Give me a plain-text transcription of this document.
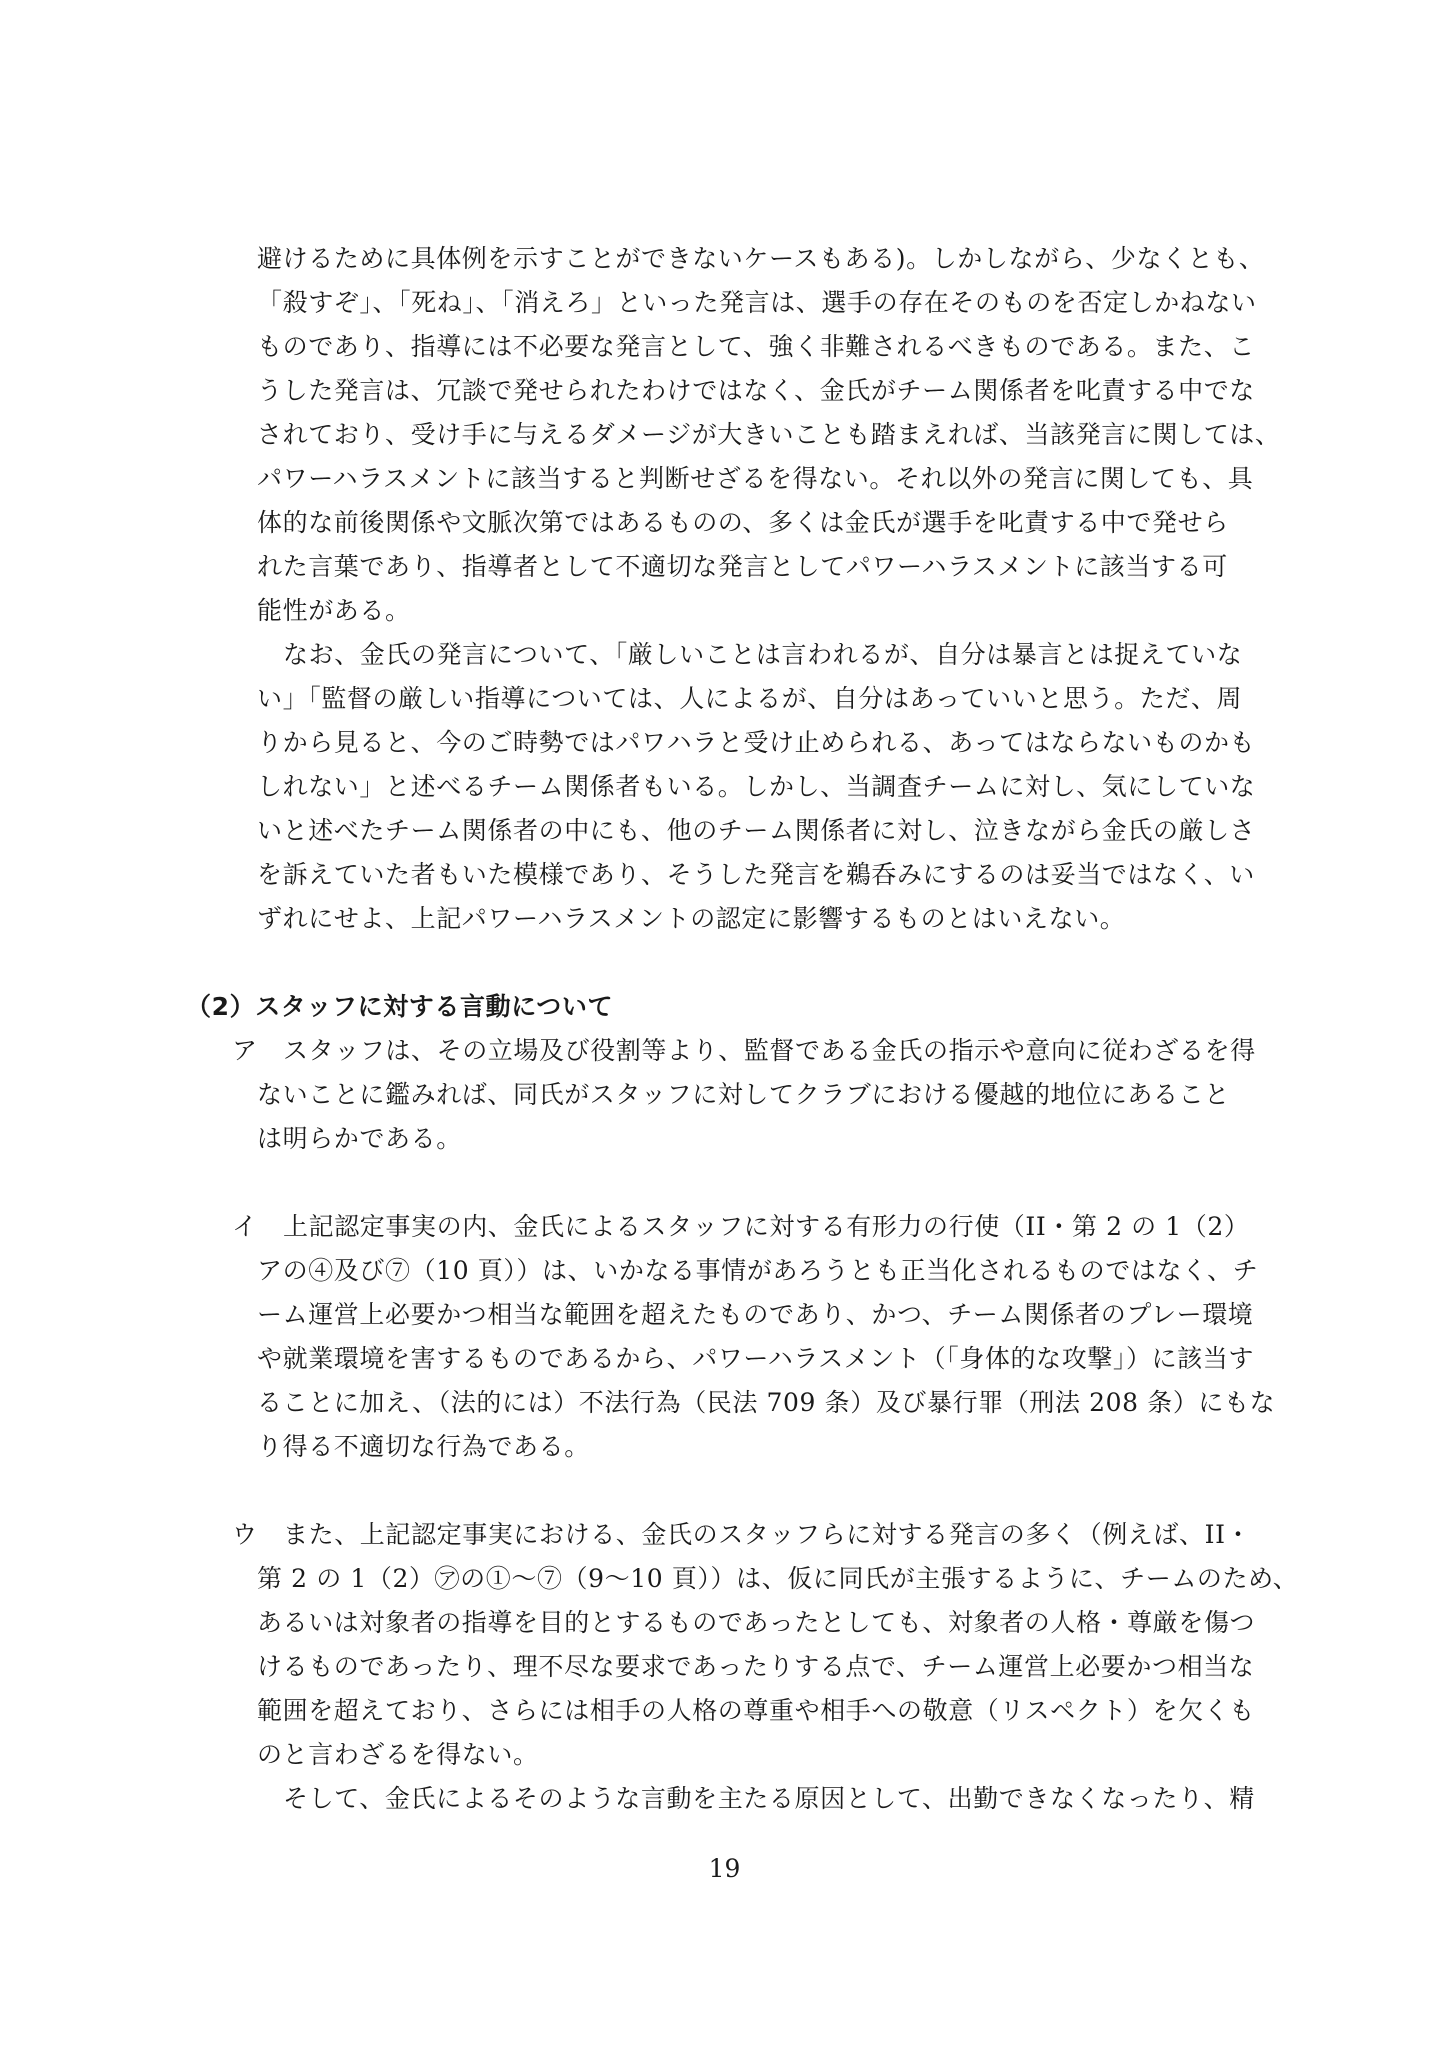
避けるために具体例を示すことができないケースもある)。しかしながら、少なくとも、
「殺すぞ」、「死ね」、「消えろ」といった発言は、選手の存在そのものを否定しかねない
ものであり、指導には不必要な発言として、強く非難されるべきものである。また、こ
うした発言は、冗談で発せられたわけではなく、金氏がチーム関係者を叱責する中でな
されており、受け手に与えるダメージが大きいことも踏まえれば、当該発言に関しては、
パワーハラスメントに該当すると判断せざるを得ない。それ以外の発言に関しても、具
体的な前後関係や文脈次第ではあるものの、多くは金氏が選手を叱責する中で発せら
れた言葉であり、指導者として不適切な発言としてパワーハラスメントに該当する可
能性がある。
なお、金氏の発言について、「厳しいことは言われるが、自分は暴言とは捉えていな
い」「監督の厳しい指導については、人によるが、自分はあっていいと思う。ただ、周
りから見ると、今のご時勢ではパワハラと受け止められる、あってはならないものかも
しれない」と述べるチーム関係者もいる。しかし、当調査チームに対し、気にしていな
いと述べたチーム関係者の中にも、他のチーム関係者に対し、泣きながら金氏の厳しさ
を訴えていた者もいた模様であり、そうした発言を鵜呑みにするのは妥当ではなく、い
ずれにせよ、上記パワーハラスメントの認定に影響するものとはいえない。
（2）スタッフに対する言動について
ア スタッフは、その立場及び役割等より、監督である金氏の指示や意向に従わざるを得
ないことに鑑みれば、同氏がスタッフに対してクラブにおける優越的地位にあること
は明らかである。
イ 上記認定事実の内、金氏によるスタッフに対する有形力の行使（II・第 2 の 1（2）
アの④及び⑦（10 頁））は、いかなる事情があろうとも正当化されるものではなく、チ
ーム運営上必要かつ相当な範囲を超えたものであり、かつ、チーム関係者のプレー環境
や就業環境を害するものであるから、パワーハラスメント（「身体的な攻撃」）に該当す
ることに加え、（法的には）不法行為（民法 709 条）及び暴行罪（刑法 208 条）にもな
り得る不適切な行為である。
ウ また、上記認定事実における、金氏のスタッフらに対する発言の多く（例えば、II・
第 2 の 1（2）㋐の①～⑦（9～10 頁））は、仮に同氏が主張するように、チームのため、
あるいは対象者の指導を目的とするものであったとしても、対象者の人格・尊厳を傷つ
けるものであったり、理不尽な要求であったりする点で、チーム運営上必要かつ相当な
範囲を超えており、さらには相手の人格の尊重や相手への敬意（リスペクト）を欠くも
のと言わざるを得ない。
そして、金氏によるそのような言動を主たる原因として、出勤できなくなったり、精
19
